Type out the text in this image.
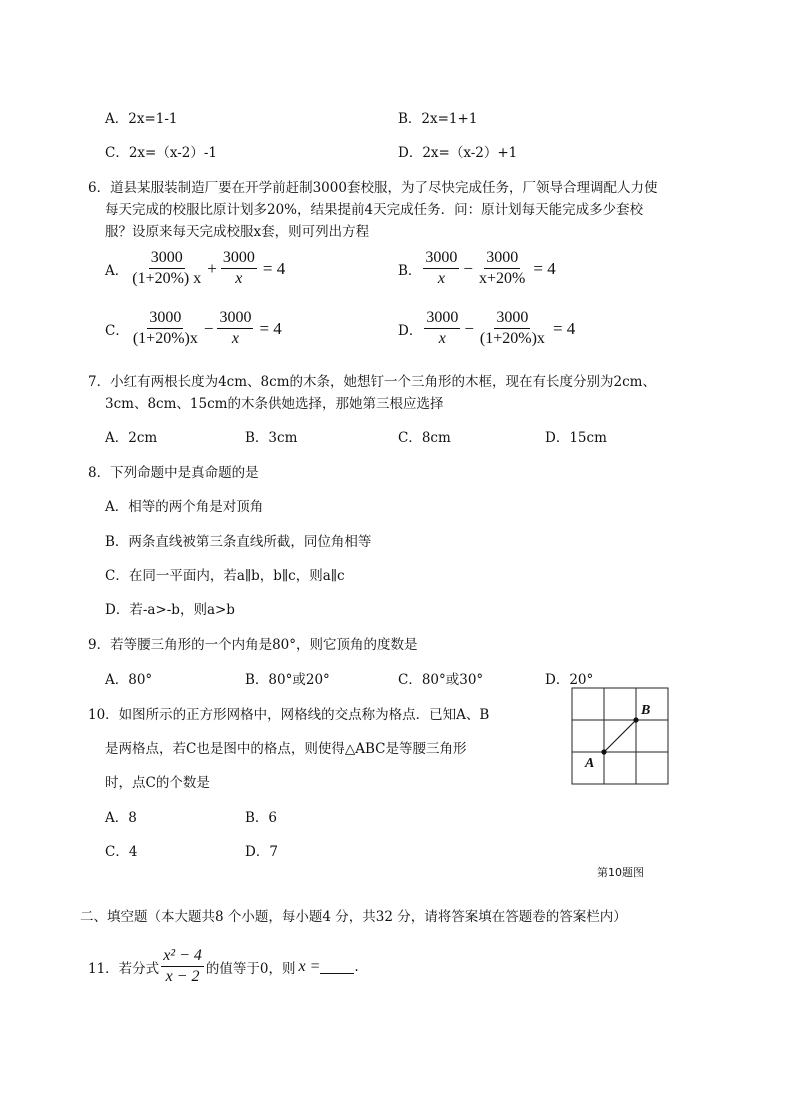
A．2x=1-1	B．2x=1+1
C．2x=（x-2）-1	D．2x=（x-2）+1
6．道县某服装制造厂要在开学前赶制3000套校服，为了尽快完成任务，厂领导合理调配人力使
每天完成的校服比原计划多20%，结果提前4天完成任务．问：原计划每天能完成多少套校
服？设原来每天完成校服x套，则可列出方程
A． $\frac{3000}{(1+20\%) x} + \frac{3000}{x} = 4$	B． $\frac{3000}{x} - \frac{3000}{x+20\%} = 4$
C． $\frac{3000}{(1+20\%)x} - \frac{3000}{x} = 4$	D． $\frac{3000}{x} - \frac{3000}{(1+20\%)x} = 4$
7．小红有两根长度为4cm、8cm的木条，她想钉一个三角形的木框，现在有长度分别为2cm、
3cm、8cm、15cm的木条供她选择，那她第三根应选择
A．2cm	B．3cm	C．8cm	D．15cm
8．下列命题中是真命题的是
A．相等的两个角是对顶角
B．两条直线被第三条直线所截，同位角相等
C．在同一平面内，若a∥b，b∥c，则a∥c
D．若-a>-b，则a>b
9．若等腰三角形的一个内角是80°，则它顶角的度数是
A．80°	B．80°或20°	C．80°或30°	D．20°
10．如图所示的正方形网格中，网格线的交点称为格点．已知A、B
是两格点，若C也是图中的格点，则使得△ABC是等腰三角形
时，点C的个数是
A．8	B．6
C．4	D．7
A
B
第10题图
二、填空题（本大题共8 个小题，每小题4 分，共32 分，请将答案填在答题卷的答案栏内）
11．若分式 $\frac{\text{x² − 4}}{x - 2}$ 的值等于0，则 x =	.
